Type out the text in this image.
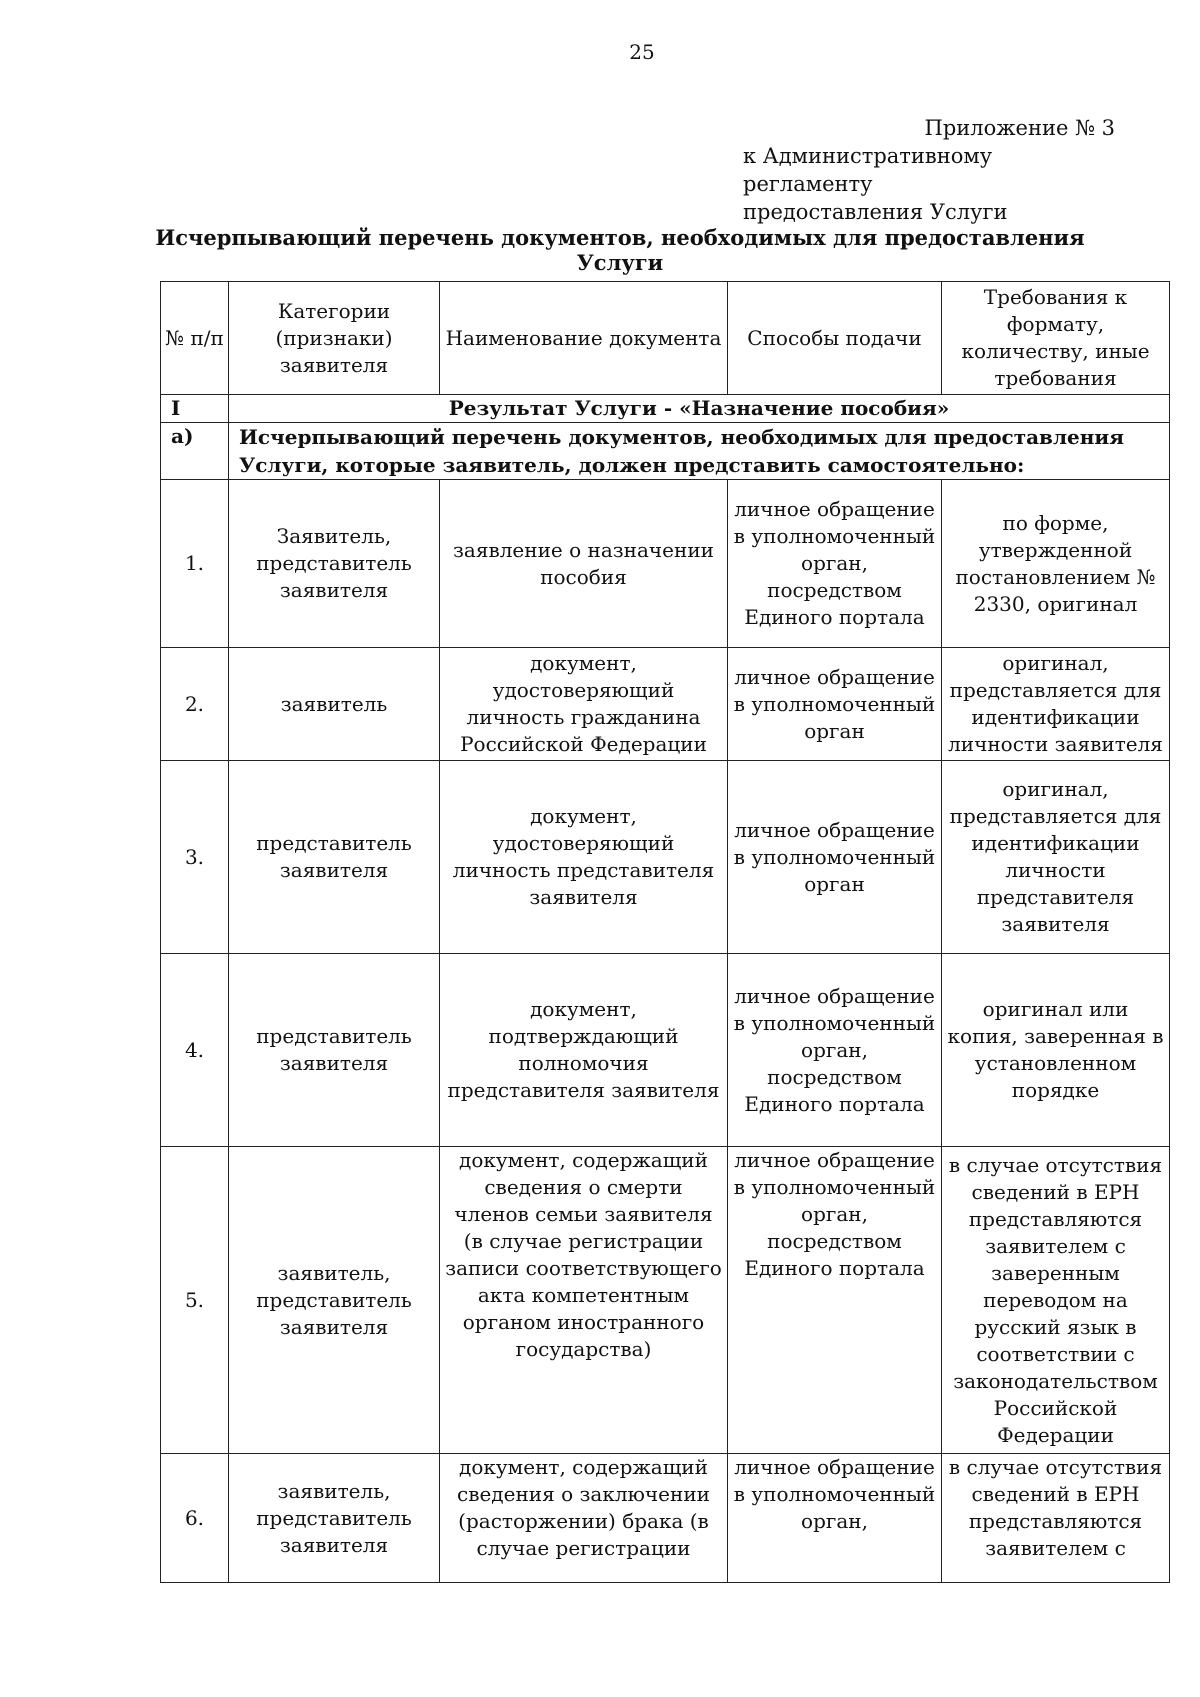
25
Приложение № 3
к Административному регламенту
предоставления Услуги
Исчерпывающий перечень документов, необходимых для предоставления Услуги
№ п/п	Категории (признаки) заявителя	Наименование документа	Способы подачи	Требования к формату, количеству, иные требования
I	Результат Услуги - «Назначение пособия»			
а)	Исчерпывающий перечень документов, необходимых для предоставления Услуги, которые заявитель, должен представить самостоятельно:			
1.	Заявитель, представитель заявителя	заявление о назначении пособия	личное обращение в уполномоченный орган, посредством Единого портала	по форме, утвержденной постановлением № 2330, оригинал
2.	заявитель	документ, удостоверяющий личность гражданина Российской Федерации	личное обращение в уполномоченный орган	оригинал, представляется для идентификации личности заявителя
3.	представитель заявителя	документ, удостоверяющий личность представителя заявителя	личное обращение в уполномоченный орган	оригинал, представляется для идентификации личности представителя заявителя
4.	представитель заявителя	документ, подтверждающий полномочия представителя заявителя	личное обращение в уполномоченный орган, посредством Единого портала	оригинал или копия, заверенная в установленном порядке
5.	заявитель, представитель заявителя	документ, содержащий сведения о смерти членов семьи заявителя (в случае регистрации записи соответствующего акта компетентным органом иностранного государства)	личное обращение в уполномоченный орган, посредством Единого портала	в случае отсутствия сведений в ЕРН представляются заявителем с заверенным переводом на русский язык в соответствии с законодательством Российской Федерации
6.	заявитель, представитель заявителя	документ, содержащий сведения о заключении (расторжении) брака (в случае регистрации	личное обращение в уполномоченный орган,	в случае отсутствия сведений в ЕРН представляются заявителем с
